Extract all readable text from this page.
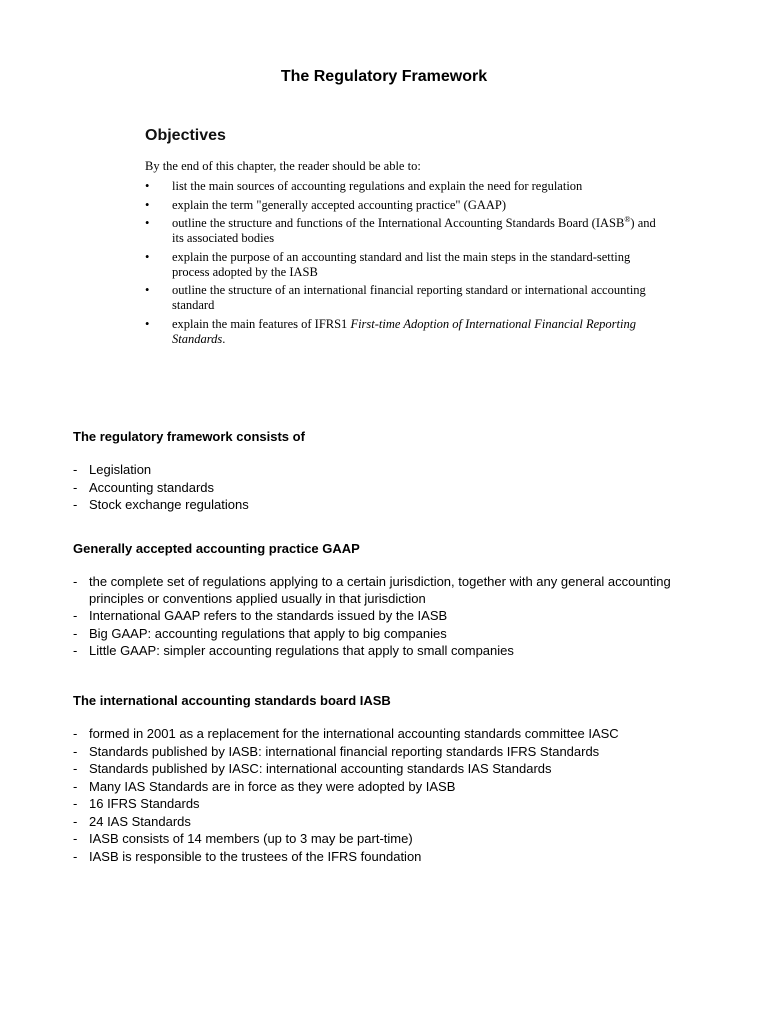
The Regulatory Framework
Objectives

By the end of this chapter, the reader should be able to:

• list the main sources of accounting regulations and explain the need for regulation
• explain the term "generally accepted accounting practice" (GAAP)
• outline the structure and functions of the International Accounting Standards Board (IASB®) and its associated bodies
• explain the purpose of an accounting standard and list the main steps in the standard-setting process adopted by the IASB
• outline the structure of an international financial reporting standard or international accounting standard
• explain the main features of IFRS1 First-time Adoption of International Financial Reporting Standards.
The regulatory framework consists of
- Legislation
- Accounting standards
- Stock exchange regulations
Generally accepted accounting practice GAAP
- the complete set of regulations applying to a certain jurisdiction, together with any general accounting principles or conventions applied usually in that jurisdiction
- International GAAP refers to the standards issued by the IASB
- Big GAAP: accounting regulations that apply to big companies
- Little GAAP: simpler accounting regulations that apply to small companies
The international accounting standards board IASB
- formed in 2001 as a replacement for the international accounting standards committee IASC
- Standards published by IASB: international financial reporting standards IFRS Standards
- Standards published by IASC: international accounting standards IAS Standards
- Many IAS Standards are in force as they were adopted by IASB
- 16 IFRS Standards
- 24 IAS Standards
- IASB consists of 14 members (up to 3 may be part-time)
- IASB is responsible to the trustees of the IFRS foundation
